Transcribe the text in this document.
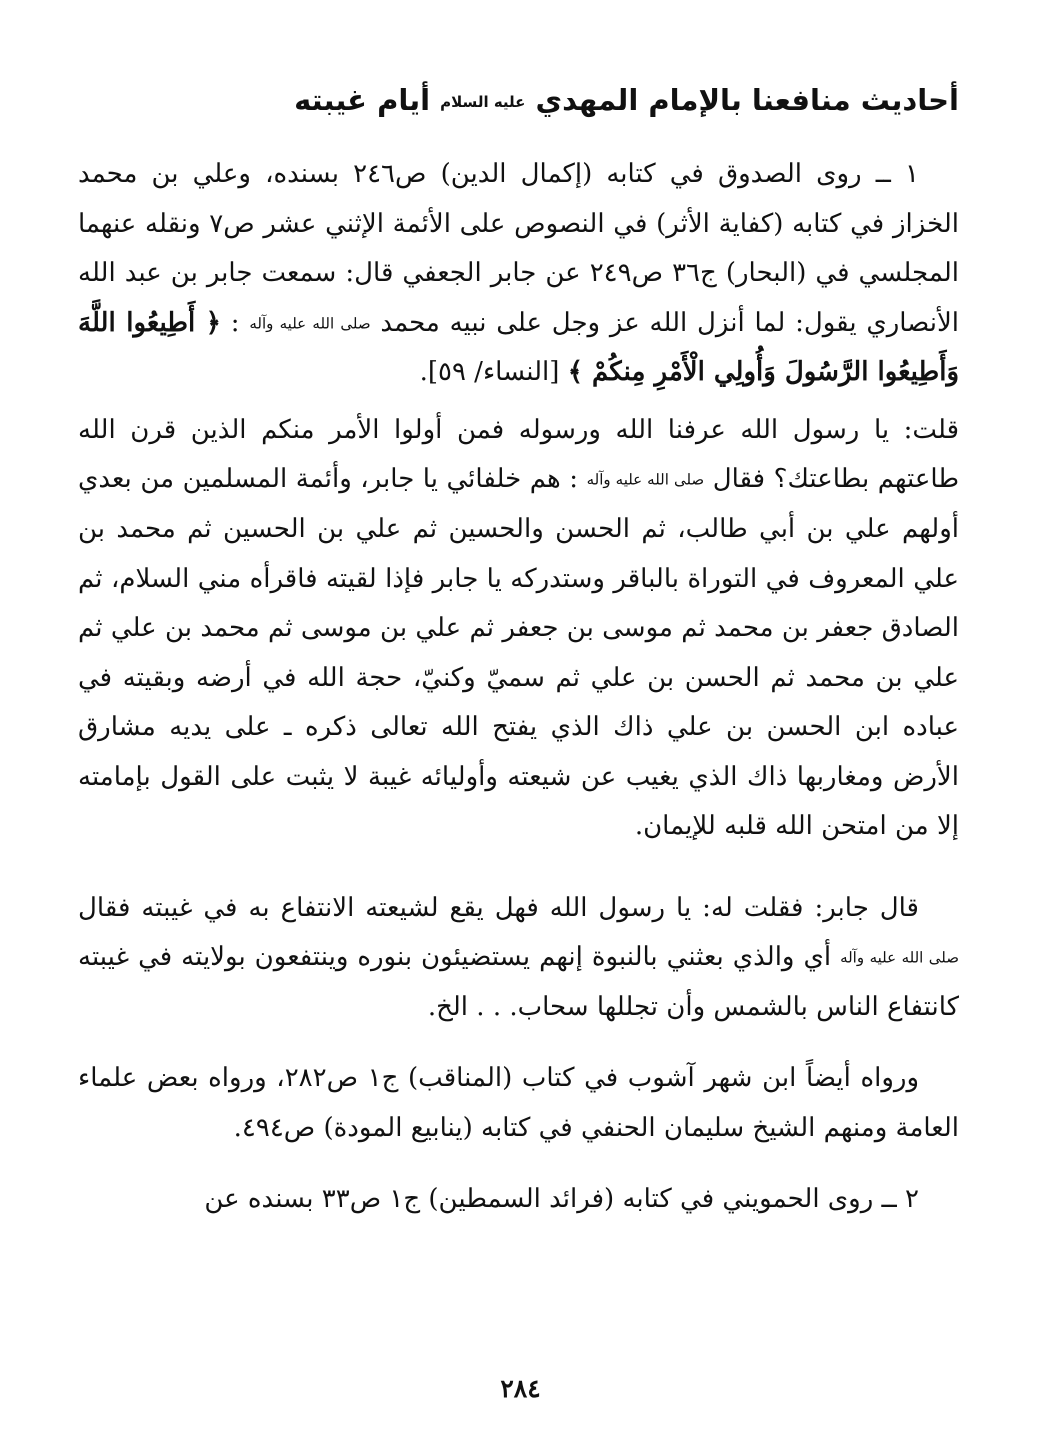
أحاديث منافعنا بالإمام المهدي عليه السلام أيام غيبته

١ ــ روى الصدوق في كتابه (إكمال الدين) ص٢٤٦ بسنده، وعلي بن محمد الخزاز في كتابه (كفاية الأثر) في النصوص على الأئمة الإثني عشر ص٧ ونقله عنهما المجلسي في (البحار) ج٣٦ ص٢٤٩ عن جابر الجعفي قال: سمعت جابر بن عبد الله الأنصاري يقول: لما أنزل الله عز وجل على نبيه محمد صلى الله عليه وآله : ﴿ أَطِيعُوا اللَّهَ وَأَطِيعُوا الرَّسُولَ وَأُولِي الْأَمْرِ مِنكُمْ ﴾ [النساء/ ٥٩].

قلت: يا رسول الله عرفنا الله ورسوله فمن أولوا الأمر منكم الذين قرن الله طاعتهم بطاعتك؟ فقال صلى الله عليه وآله : هم خلفائي يا جابر، وأئمة المسلمين من بعدي أولهم علي بن أبي طالب، ثم الحسن والحسين ثم علي بن الحسين ثم محمد بن علي المعروف في التوراة بالباقر وستدركه يا جابر فإذا لقيته فاقرأه مني السلام، ثم الصادق جعفر بن محمد ثم موسى بن جعفر ثم علي بن موسى ثم محمد بن علي ثم علي بن محمد ثم الحسن بن علي ثم سميّ وكنيّ، حجة الله في أرضه وبقيته في عباده ابن الحسن بن علي ذاك الذي يفتح الله تعالى ذكره ـ على يديه مشارق الأرض ومغاربها ذاك الذي يغيب عن شيعته وأوليائه غيبة لا يثبت على القول بإمامته إلا من امتحن الله قلبه للإيمان.

قال جابر: فقلت له: يا رسول الله فهل يقع لشيعته الانتفاع به في غيبته فقال صلى الله عليه وآله أي والذي بعثني بالنبوة إنهم يستضيئون بنوره وينتفعون بولايته في غيبته كانتفاع الناس بالشمس وأن تجللها سحاب. . . الخ.

ورواه أيضاً ابن شهر آشوب في كتاب (المناقب) ج١ ص٢٨٢، ورواه بعض علماء العامة ومنهم الشيخ سليمان الحنفي في كتابه (ينابيع المودة) ص٤٩٤.

٢ ــ روى الحمويني في كتابه (فرائد السمطين) ج١ ص٣٣ بسنده عن

٢٨٤
